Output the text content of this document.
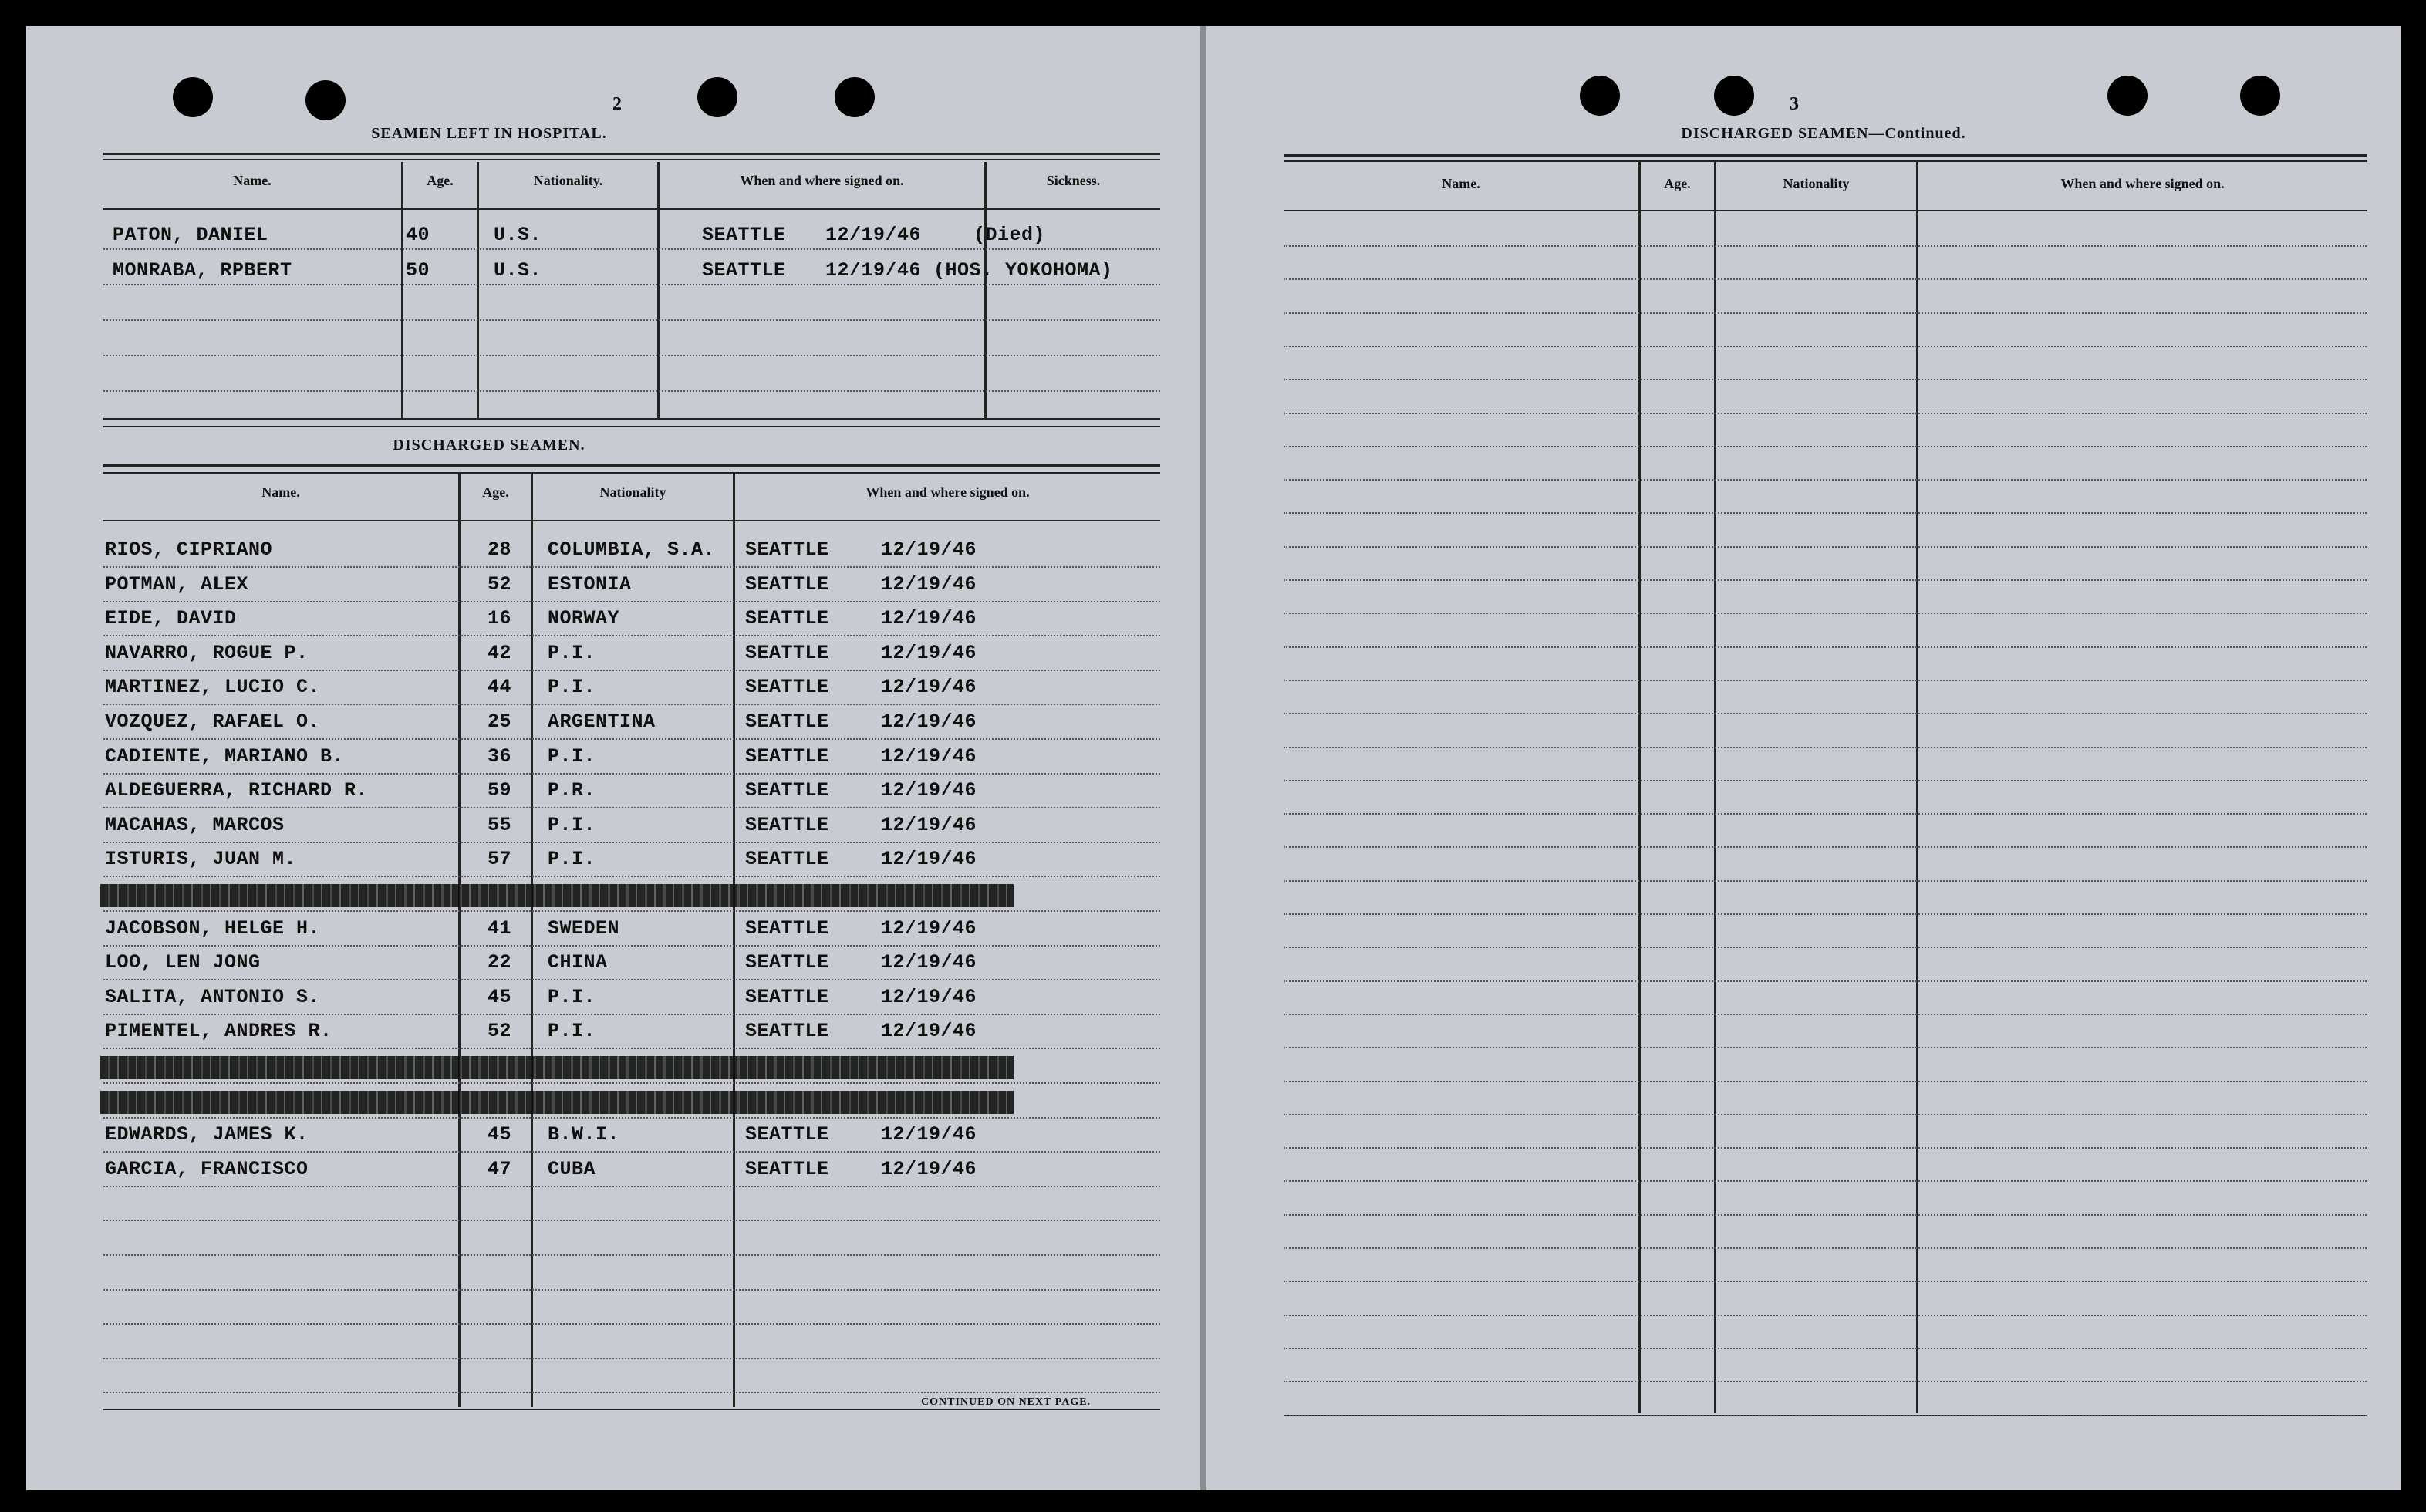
2
SEAMEN LEFT IN HOSPITAL.
Name.	Age.	Nationality.	When and where signed on.	Sickness.
PATON, DANIEL	40	U.S.	SEATTLE 12/19/46	(Died)
MONRABA, RPBERT	50	U.S.	SEATTLE 12/19/46 (HOS. YOKOHOMA)
DISCHARGED SEAMEN.
Name.	Age.	Nationality	When and where signed on.
RIOS, CIPRIANO	28 COLUMBIA, S.A. SEATTLE	12/19/46
POTMAN, ALEX	52 ESTONIA	SEATTLE	12/19/46
EIDE, DAVID	16 NORWAY	SEATTLE	12/19/46
NAVARRO, ROGUE P.	42 P.I.	SEATTLE	12/19/46
MARTINEZ, LUCIO C.	44 P.I.	SEATTLE	12/19/46
VOZQUEZ, RAFAEL O.	25 ARGENTINA	SEATTLE	12/19/46
CADIENTE, MARIANO B.	36 P.I.	SEATTLE	12/19/46
ALDEGUERRA, RICHARD R.	59 P.R.	SEATTLE	12/19/46
MACAHAS, MARCOS	55 P.I.	SEATTLE	12/19/46
ISTURIS, JUAN M.	57 P.I.	SEATTLE	12/19/46
JACOBSON, HELGE H.	41 SWEDEN	SEATTLE	12/19/46
LOO, LEN JONG	22 CHINA	SEATTLE	12/19/46
SALITA, ANTONIO S.	45 P.I.	SEATTLE	12/19/46
PIMENTEL, ANDRES R.	52 P.I.	SEATTLE	12/19/46
EDWARDS, JAMES K.	45 B.W.I.	SEATTLE	12/19/46
GARCIA, FRANCISCO	47 CUBA	SEATTLE	12/19/46
CONTINUED ON NEXT PAGE.
3
DISCHARGED SEAMEN—Continued.
Name.	Age.	Nationality	When and where signed on.
